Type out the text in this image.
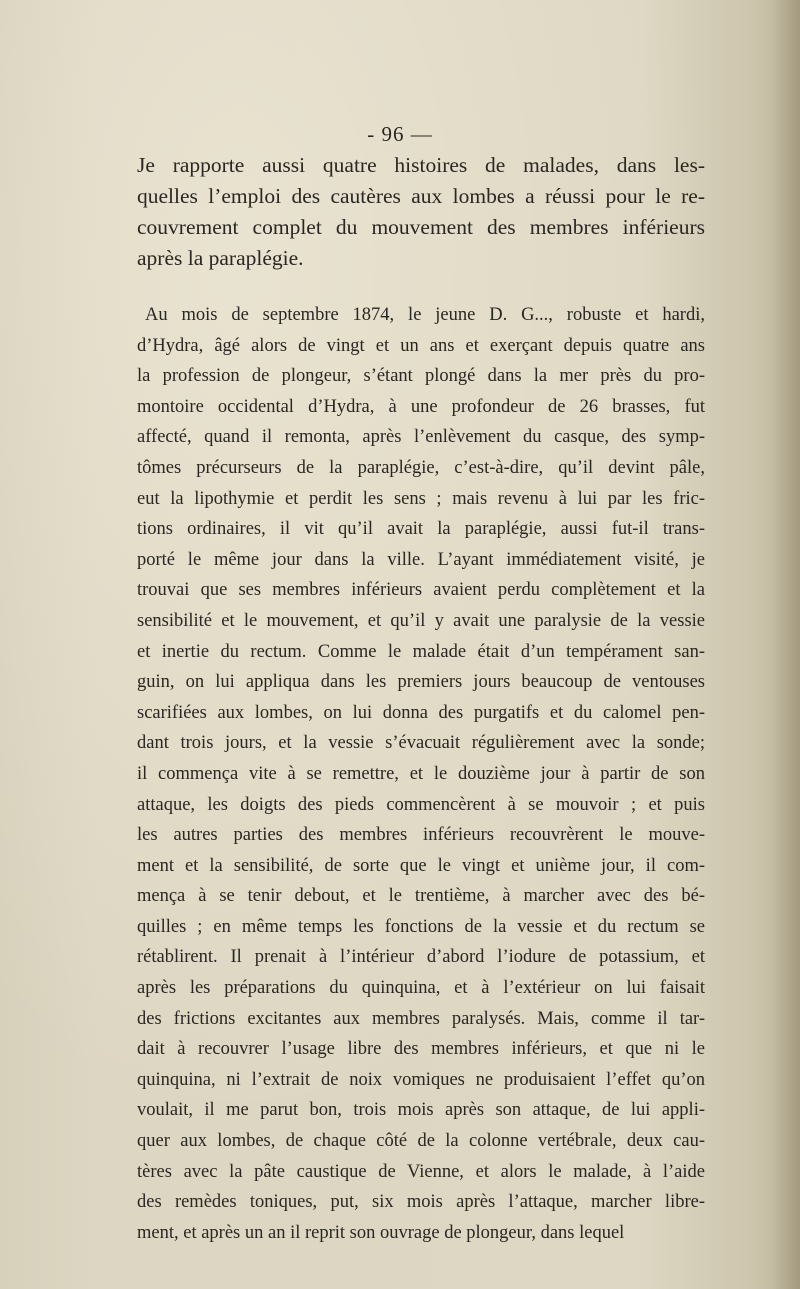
- 96 —
Je rapporte aussi quatre histoires de malades, dans les-
quelles l’emploi des cautères aux lombes a réussi pour le re-
couvrement complet du mouvement des membres inférieurs
après la paraplégie.
Au mois de septembre 1874, le jeune D. G..., robuste et hardi,
d’Hydra, âgé alors de vingt et un ans et exerçant depuis quatre ans
la profession de plongeur, s’étant plongé dans la mer près du pro-
montoire occidental d’Hydra, à une profondeur de 26 brasses, fut
affecté, quand il remonta, après l’enlèvement du casque, des symp-
tômes précurseurs de la paraplégie, c’est-à-dire, qu’il devint pâle,
eut la lipothymie et perdit les sens ; mais revenu à lui par les fric-
tions ordinaires, il vit qu’il avait la paraplégie, aussi fut-il trans-
porté le même jour dans la ville. L’ayant immédiatement visité, je
trouvai que ses membres inférieurs avaient perdu complètement et la
sensibilité et le mouvement, et qu’il y avait une paralysie de la vessie
et inertie du rectum. Comme le malade était d’un tempérament san-
guin, on lui appliqua dans les premiers jours beaucoup de ventouses
scarifiées aux lombes, on lui donna des purgatifs et du calomel pen-
dant trois jours, et la vessie s’évacuait régulièrement avec la sonde;
il commença vite à se remettre, et le douzième jour à partir de son
attaque, les doigts des pieds commencèrent à se mouvoir ; et puis
les autres parties des membres inférieurs recouvrèrent le mouve-
ment et la sensibilité, de sorte que le vingt et unième jour, il com-
mença à se tenir debout, et le trentième, à marcher avec des bé-
quilles ; en même temps les fonctions de la vessie et du rectum se
rétablirent. Il prenait à l’intérieur d’abord l’iodure de potassium, et
après les préparations du quinquina, et à l’extérieur on lui faisait
des frictions excitantes aux membres paralysés. Mais, comme il tar-
dait à recouvrer l’usage libre des membres inférieurs, et que ni le
quinquina, ni l’extrait de noix vomiques ne produisaient l’effet qu’on
voulait, il me parut bon, trois mois après son attaque, de lui appli-
quer aux lombes, de chaque côté de la colonne vertébrale, deux cau-
tères avec la pâte caustique de Vienne, et alors le malade, à l’aide
des remèdes toniques, put, six mois après l’attaque, marcher libre-
ment, et après un an il reprit son ouvrage de plongeur, dans lequel
